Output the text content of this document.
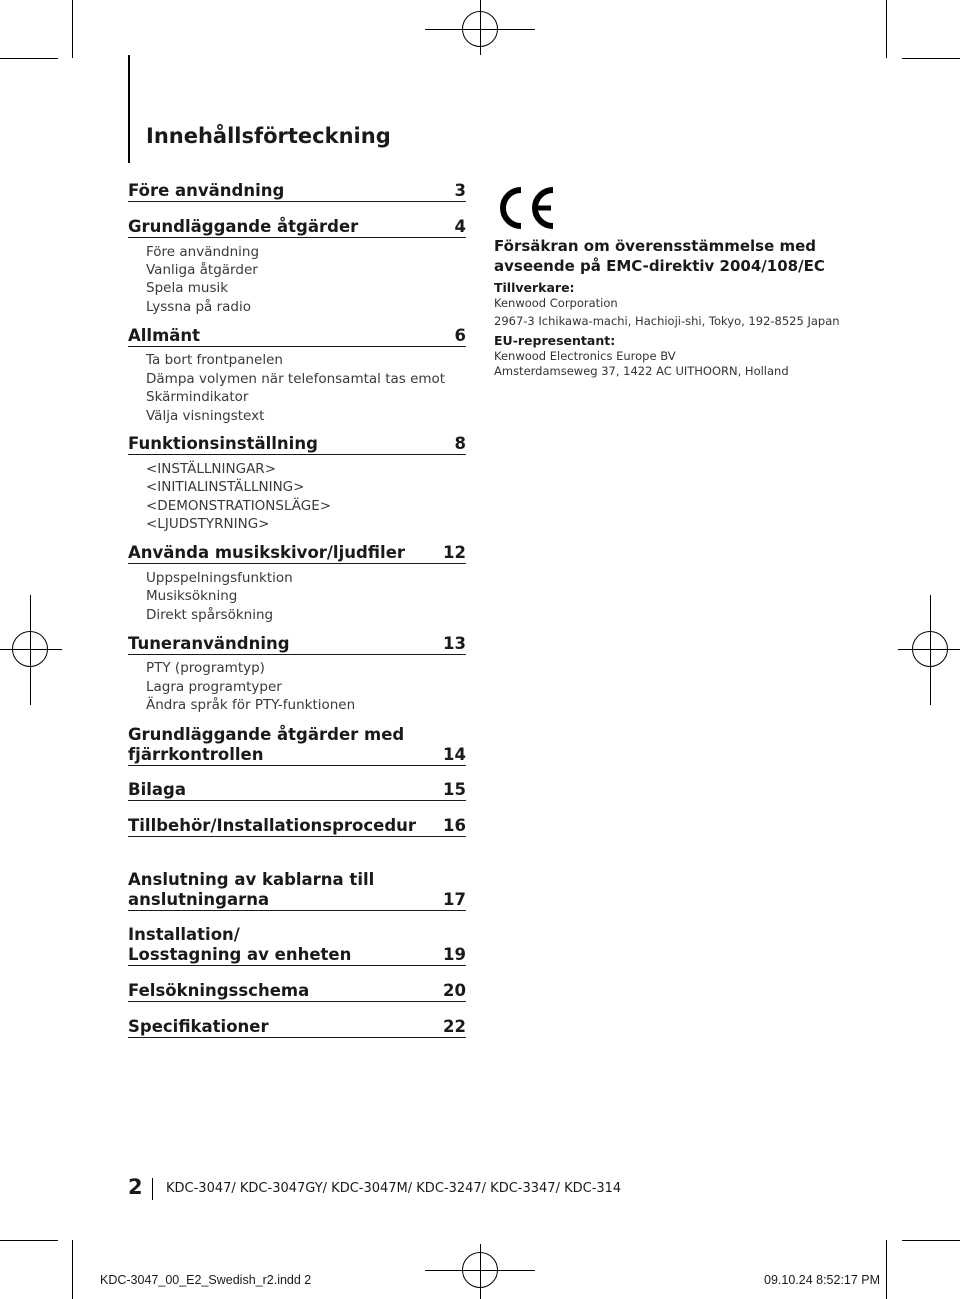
Innehållsförteckning
Före användning	3
Grundläggande åtgärder	4
Före användning
Vanliga åtgärder
Spela musik
Lyssna på radio
Allmänt	6
Ta bort frontpanelen
Dämpa volymen när telefonsamtal tas emot
Skärmindikator
Välja visningstext
Funktionsinställning	8
<INSTÄLLNINGAR>
<INITIALINSTÄLLNING>
<DEMONSTRATIONSLÄGE>
<LJUDSTYRNING>
Använda musikskivor/ljudfiler 12
Uppspelningsfunktion
Musiksökning
Direkt spårsökning
Tuneranvändning	13
PTY (programtyp)
Lagra programtyper
Ändra språk för PTY-funktionen
Grundläggande åtgärder med
fjärrkontrollen	14
Bilaga	15
Tillbehör/Installationsprocedur 16
Anslutning av kablarna till
anslutningarna	17
Installation/
Losstagning av enheten	19
Felsökningsschema	20
Specifikationer	22
Försäkran om överensstämmelse med
avseende på EMC-direktiv 2004/108/EC
Tillverkare:
Kenwood Corporation
2967-3 Ichikawa-machi, Hachioji-shi, Tokyo, 192-8525 Japan
EU-representant:
Kenwood Electronics Europe BV
Amsterdamseweg 37, 1422 AC UITHOORN, Holland
2 KDC-3047/ KDC-3047GY/ KDC-3047M/ KDC-3247/ KDC-3347/ KDC-314
KDC-3047_00_E2_Swedish_r2.indd 2	09.10.24 8:52:17 PM
